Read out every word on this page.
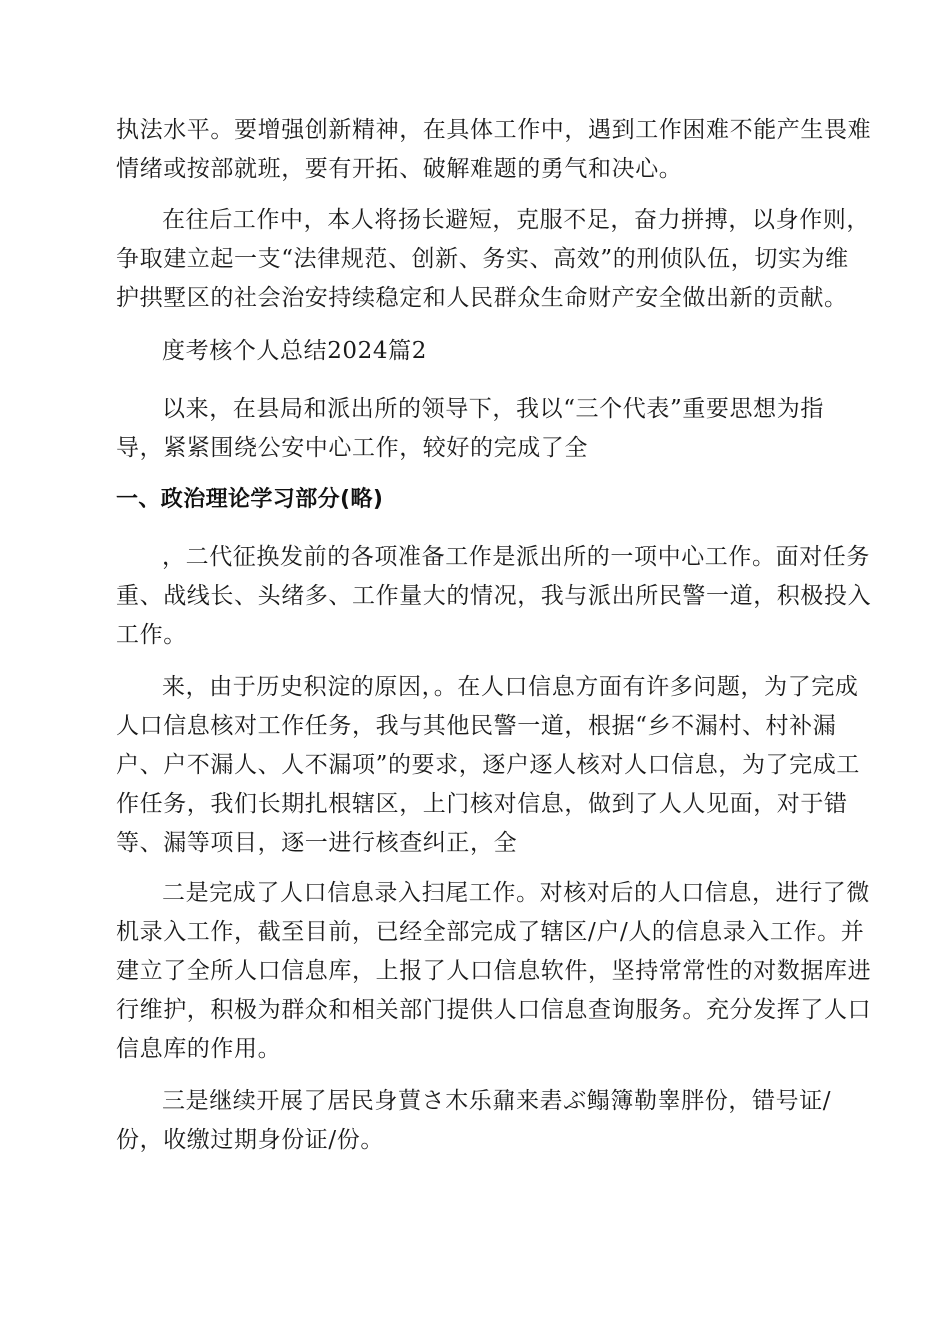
执法水平。要增强创新精神，在具体工作中，遇到工作困难不能产生畏难
情绪或按部就班，要有开拓、破解难题的勇气和决心。

在往后工作中，本人将扬长避短，克服不足，奋力拼搏，以身作则，
争取建立起一支“法律规范、创新、务实、高效”的刑侦队伍，切实为维
护拱墅区的社会治安持续稳定和人民群众生命财产安全做出新的贡献。

度考核个人总结2024篇2

以来，在县局和派出所的领导下，我以“三个代表”重要思想为指
导，紧紧围绕公安中心工作，较好的完成了全

一、政治理论学习部分(略)

，二代征换发前的各项准备工作是派出所的一项中心工作。面对任务
重、战线长、头绪多、工作量大的情况，我与派出所民警一道，积极投入
工作。

来，由于历史积淀的原因，。在人口信息方面有许多问题，为了完成
人口信息核对工作任务，我与其他民警一道，根据“乡不漏村、村补漏
户、户不漏人、人不漏项”的要求，逐户逐人核对人口信息，为了完成工
作任务，我们长期扎根辖区，上门核对信息，做到了人人见面，对于错
等、漏等项目，逐一进行核查纠正，全

二是完成了人口信息录入扫尾工作。对核对后的人口信息，进行了微
机录入工作，截至目前，已经全部完成了辖区/户/人的信息录入工作。并
建立了全所人口信息库，上报了人口信息软件，坚持常常性的对数据库进
行维护，积极为群众和相关部门提供人口信息查询服务。充分发挥了人口
信息库的作用。

三是继续开展了居民身蕒さ木乐鼐来砉ぶ鳎簿勒睾胖份，错号证/
份，收缴过期身份证/份。
